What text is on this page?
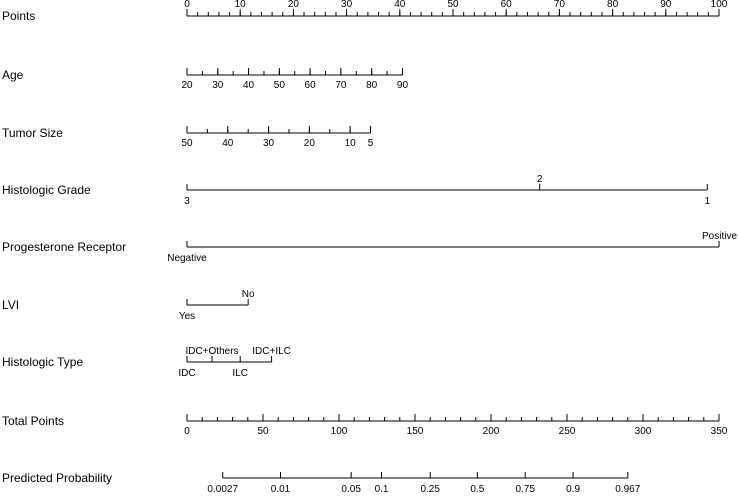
Points
0	10	20	30	40	50	60	70	80	90	100
Age
20 30 40 50 60 70 80 90
Tumor Size
50	40	30	20	10 5
Histologic Grade
3
2
1
Progesterone Receptor
Negative
Positive
LVI
Yes
No
Histologic Type
IDC
IDC+Others
ILC
IDC+ILC
Total Points
0	50	100	150	200	250	300	350
Predicted Probability
0.0027	0.01	0.05 0.1	0.25	0.5	0.75	0.9	0.967
